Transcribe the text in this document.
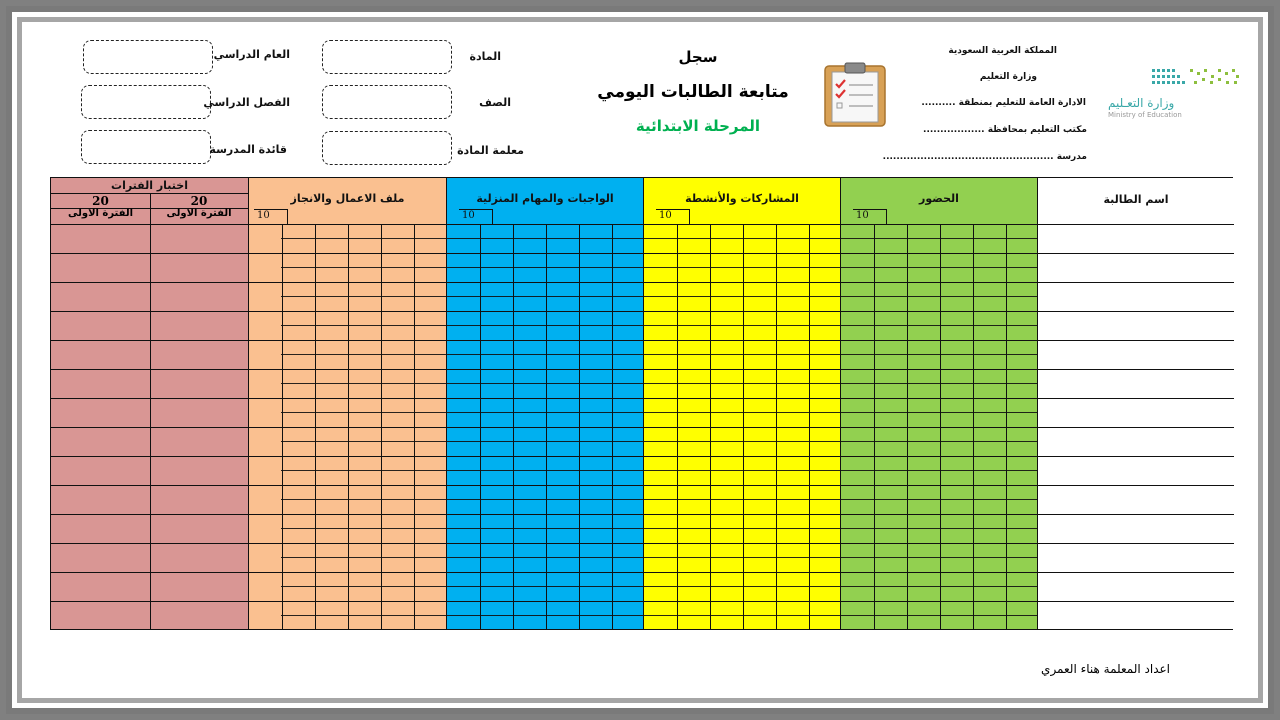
المملكة العربية السعودية
وزارة التعليم
الادارة العامة للتعليم بمنطقة ..........
مكتب التعليم بمحافظة ..................
مدرسة ..................................................
وزارة التعـليم
Ministry of Education
سجل
متابعة الطالبات اليومي
المرحلة الابتدائية
المادة
الصف
معلمة المادة
العام الدراسي
الفصل الدراسي
قائدة المدرسة
اسم الطالبة
الحضور
10
المشاركات والأنشطة
10
الواجبات والمهام المنزلية
10
ملف الاعمال والانجاز
10
اختبار الفترات
20
20
الفترة الاولى
الفترة الاولى
اعداد المعلمة هناء العمري
